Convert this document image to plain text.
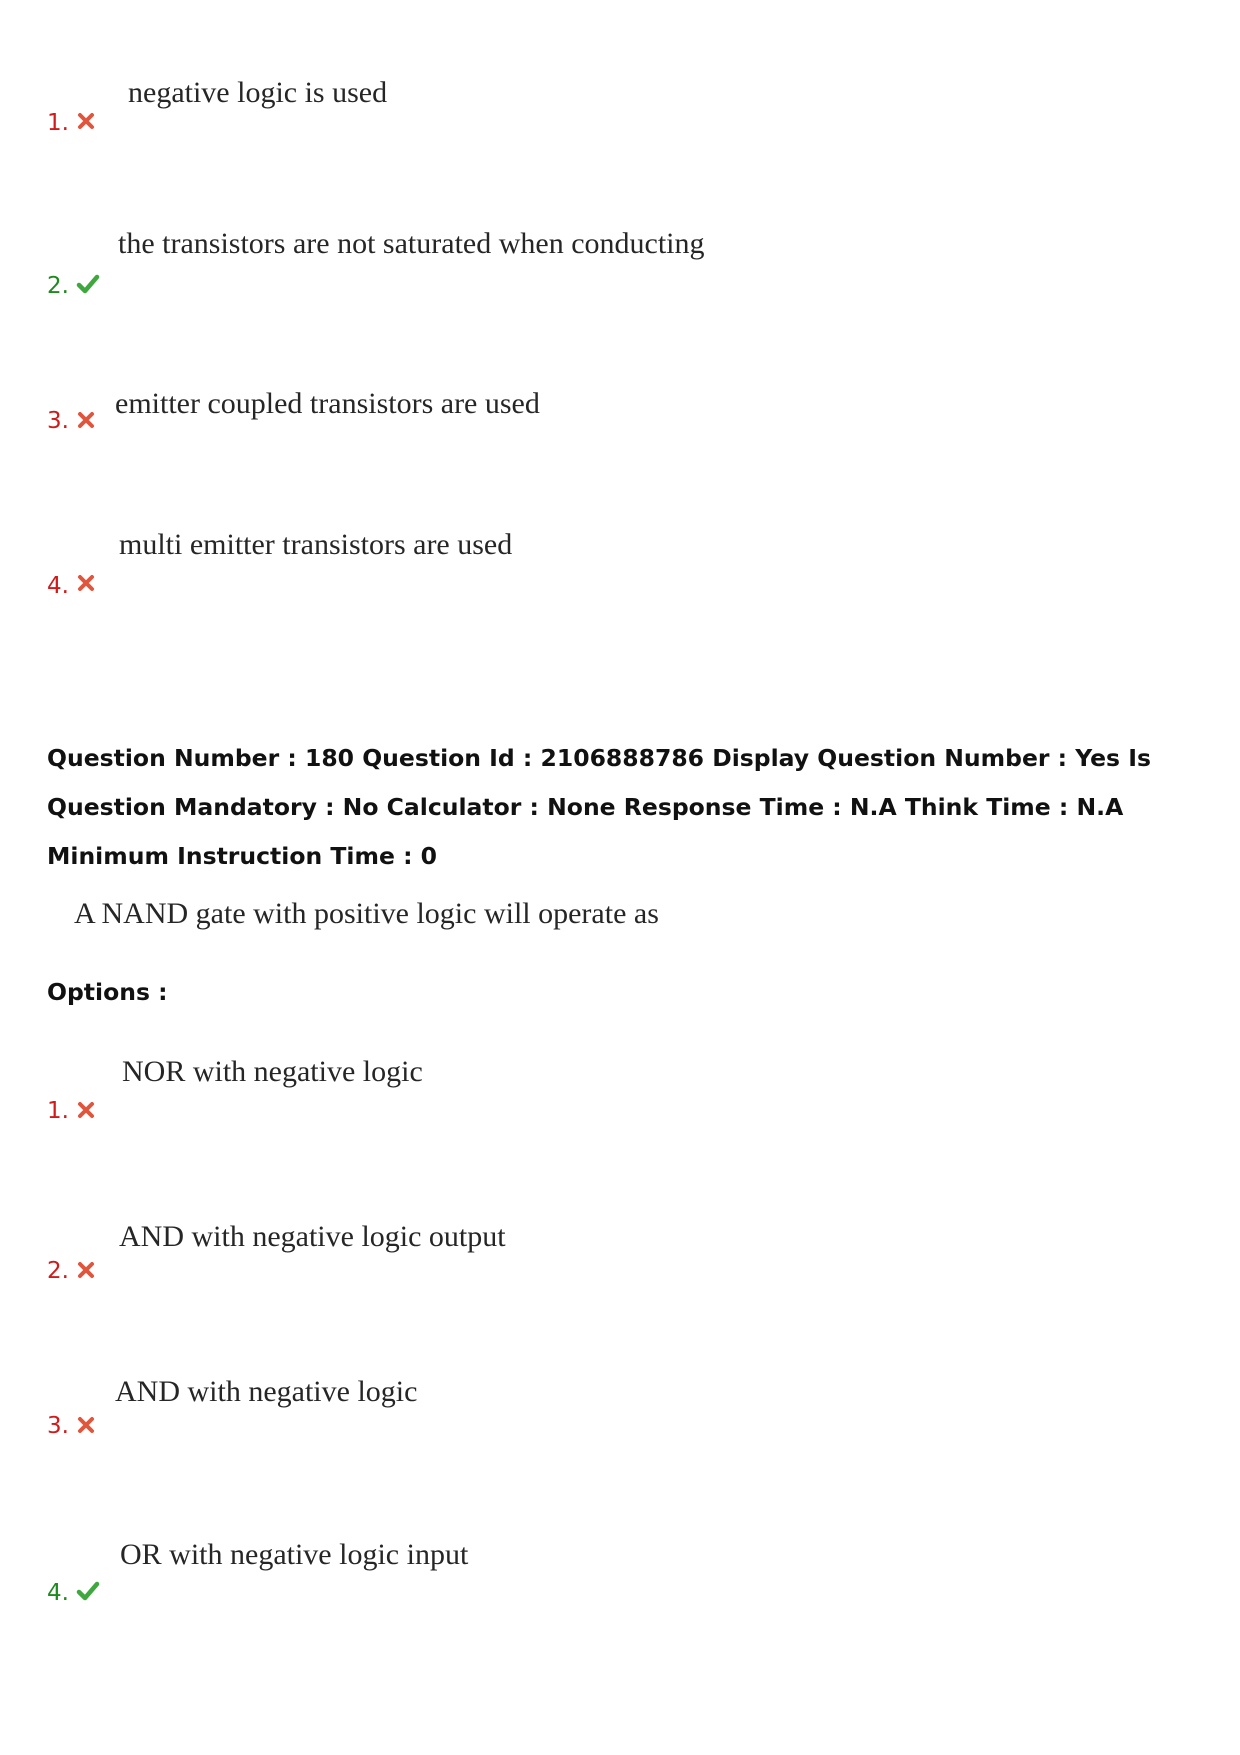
1.
negative logic is used
2.
the transistors are not saturated when conducting
3.
emitter coupled transistors are used
4.
multi emitter transistors are used
Question Number : 180 Question Id : 2106888786 Display Question Number : Yes Is Question Mandatory : No Calculator : None Response Time : N.A Think Time : N.A Minimum Instruction Time : 0
A NAND gate with positive logic will operate as
Options :
1.
NOR with negative logic
2.
AND with negative logic output
3.
AND with negative logic
4.
OR with negative logic input
